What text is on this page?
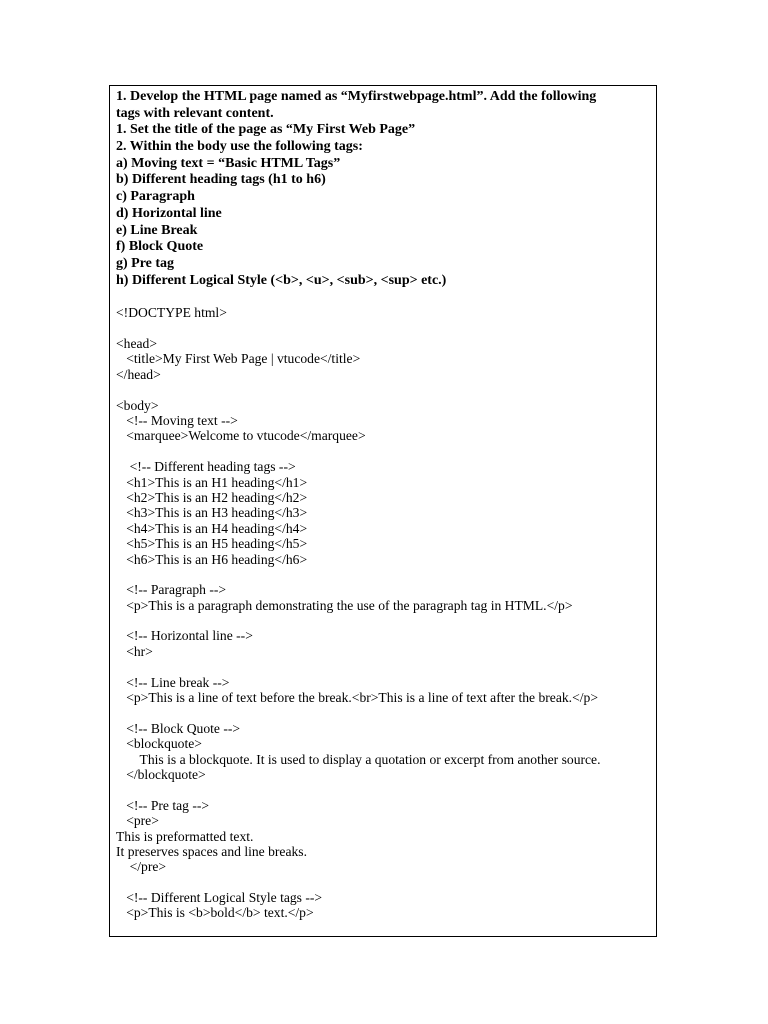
1. Develop the HTML page named as “Myfirstwebpage.html”. Add the following
tags with relevant content.
1. Set the title of the page as “My First Web Page”
2. Within the body use the following tags:
a) Moving text = “Basic HTML Tags”
b) Different heading tags (h1 to h6)
c) Paragraph
d) Horizontal line
e) Line Break
f) Block Quote
g) Pre tag
h) Different Logical Style (<b>, <u>, <sub>, <sup> etc.)
<!DOCTYPE html>
<head>
<title>My First Web Page | vtucode</title>
</head>
<body>
<!-- Moving text -->
<marquee>Welcome to vtucode</marquee>
<!-- Different heading tags -->
<h1>This is an H1 heading</h1>
<h2>This is an H2 heading</h2>
<h3>This is an H3 heading</h3>
<h4>This is an H4 heading</h4>
<h5>This is an H5 heading</h5>
<h6>This is an H6 heading</h6>
<!-- Paragraph -->
<p>This is a paragraph demonstrating the use of the paragraph tag in HTML.</p>
<!-- Horizontal line -->
<hr>
<!-- Line break -->
<p>This is a line of text before the break.<br>This is a line of text after the break.</p>
<!-- Block Quote -->
<blockquote>
This is a blockquote. It is used to display a quotation or excerpt from another source.
</blockquote>
<!-- Pre tag -->
<pre>
This is preformatted text.
It preserves spaces and line breaks.
</pre>
<!-- Different Logical Style tags -->
<p>This is <b>bold</b> text.</p>
